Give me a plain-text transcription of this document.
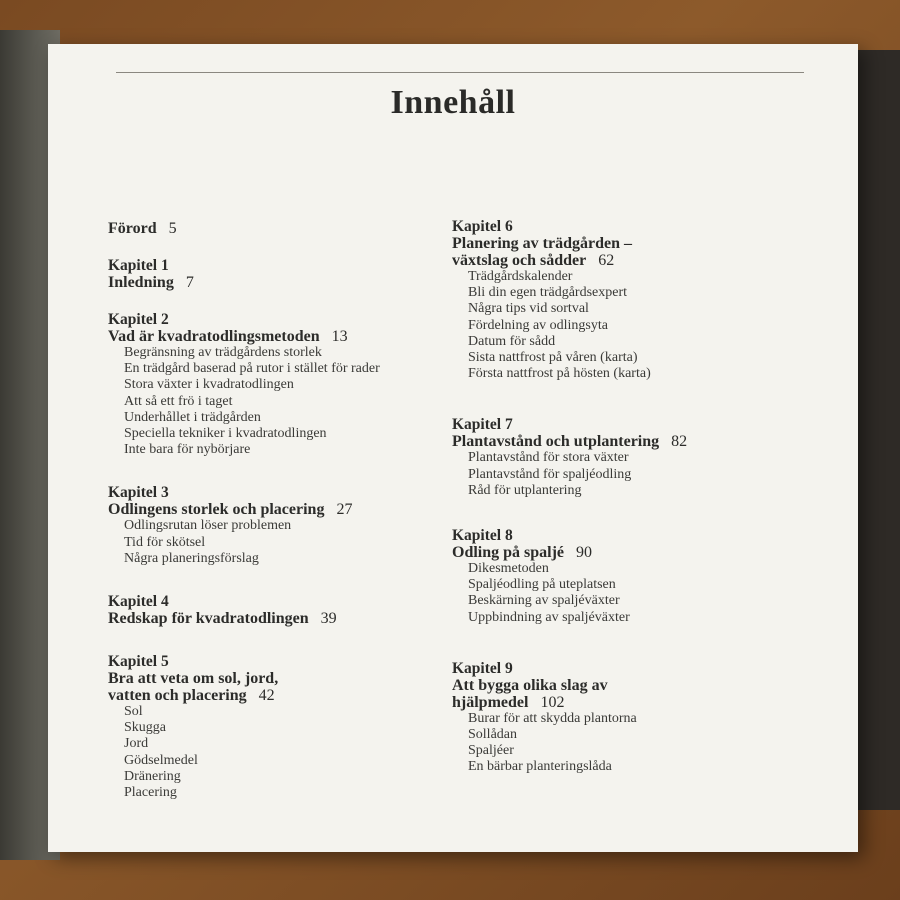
Innehåll
Förord 5
Kapitel 1
Inledning 7
Kapitel 2
Vad är kvadratodlingsmetoden 13
Begränsning av trädgårdens storlek
En trädgård baserad på rutor i stället för rader
Stora växter i kvadratodlingen
Att så ett frö i taget
Underhållet i trädgården
Speciella tekniker i kvadratodlingen
Inte bara för nybörjare
Kapitel 3
Odlingens storlek och placering 27
Odlingsrutan löser problemen
Tid för skötsel
Några planeringsförslag
Kapitel 4
Redskap för kvadratodlingen 39
Kapitel 5
Bra att veta om sol, jord,
vatten och placering 42
Sol
Skugga
Jord
Gödselmedel
Dränering
Placering
Kapitel 6
Planering av trädgården –
växtslag och sådder 62
Trädgårdskalender
Bli din egen trädgårdsexpert
Några tips vid sortval
Fördelning av odlingsyta
Datum för sådd
Sista nattfrost på våren (karta)
Första nattfrost på hösten (karta)
Kapitel 7
Plantavstånd och utplantering 82
Plantavstånd för stora växter
Plantavstånd för spaljéodling
Råd för utplantering
Kapitel 8
Odling på spaljé 90
Dikesmetoden
Spaljéodling på uteplatsen
Beskärning av spaljéväxter
Uppbindning av spaljéväxter
Kapitel 9
Att bygga olika slag av
hjälpmedel 102
Burar för att skydda plantorna
Sollådan
Spaljéer
En bärbar planteringslåda
